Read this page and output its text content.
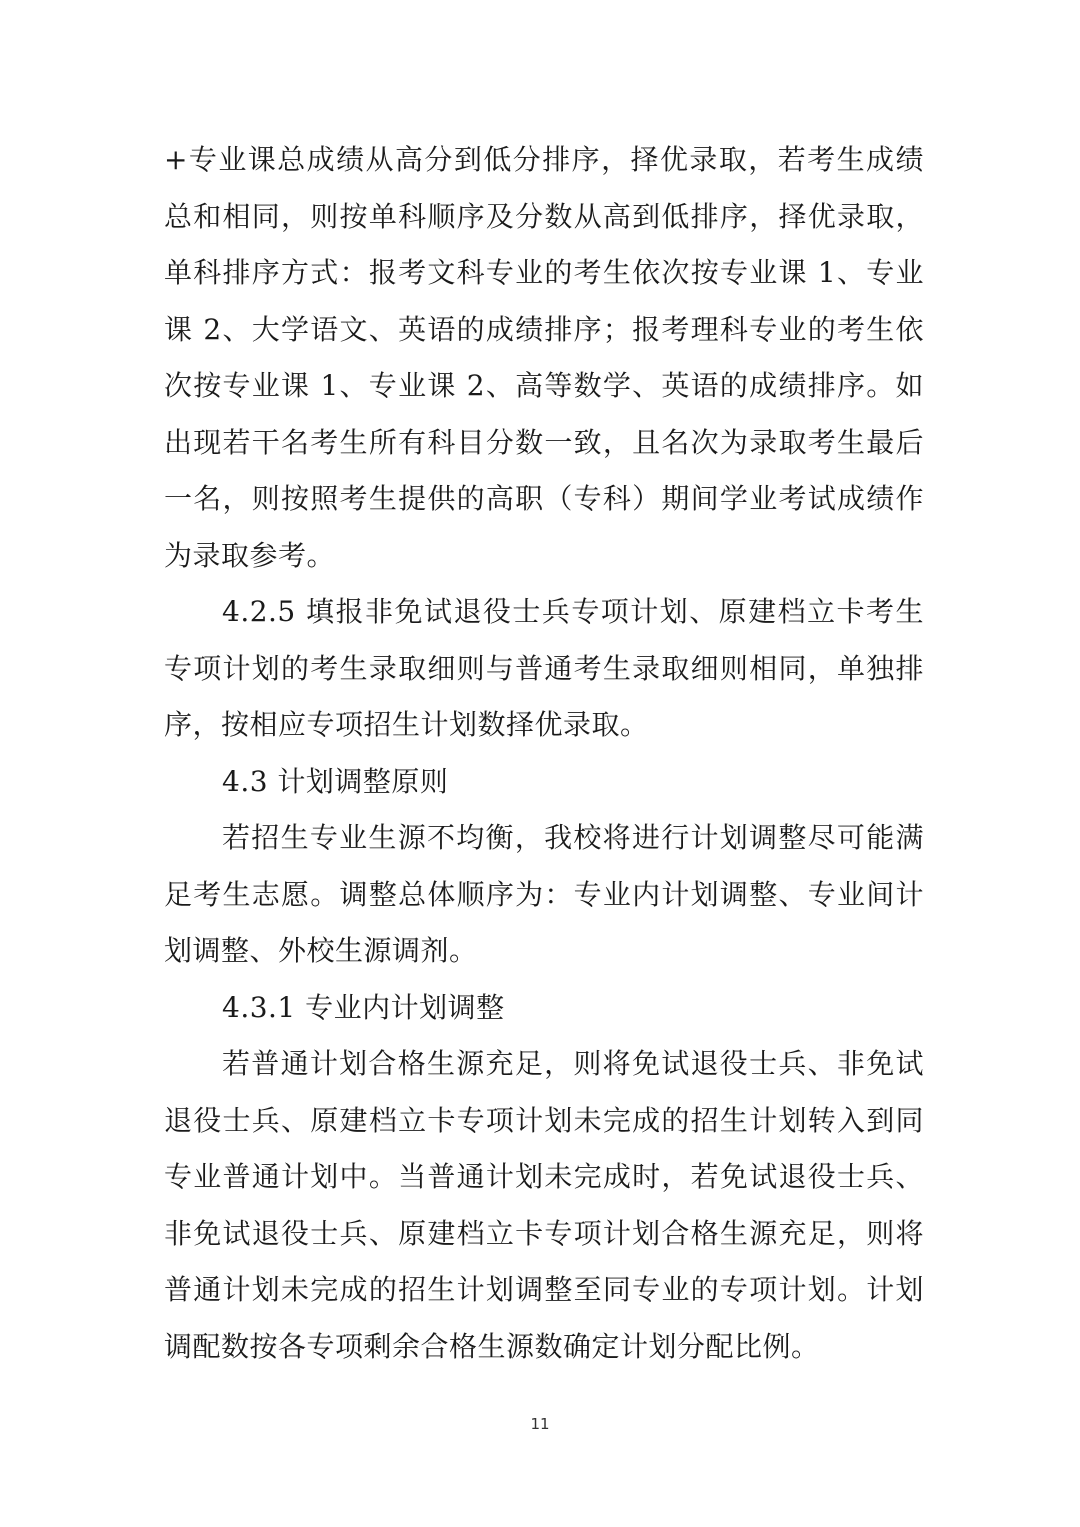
+专业课总成绩从高分到低分排序，择优录取，若考生成绩
总和相同，则按单科顺序及分数从高到低排序，择优录取，
单科排序方式：报考文科专业的考生依次按专业课 1、专业
课 2、大学语文、英语的成绩排序；报考理科专业的考生依
次按专业课 1、专业课 2、高等数学、英语的成绩排序。如
出现若干名考生所有科目分数一致，且名次为录取考生最后
一名，则按照考生提供的高职（专科）期间学业考试成绩作
为录取参考。
4.2.5 填报非免试退役士兵专项计划、原建档立卡考生
专项计划的考生录取细则与普通考生录取细则相同，单独排
序，按相应专项招生计划数择优录取。
4.3 计划调整原则
若招生专业生源不均衡，我校将进行计划调整尽可能满
足考生志愿。调整总体顺序为：专业内计划调整、专业间计
划调整、外校生源调剂。
4.3.1 专业内计划调整
若普通计划合格生源充足，则将免试退役士兵、非免试
退役士兵、原建档立卡专项计划未完成的招生计划转入到同
专业普通计划中。当普通计划未完成时，若免试退役士兵、
非免试退役士兵、原建档立卡专项计划合格生源充足，则将
普通计划未完成的招生计划调整至同专业的专项计划。计划
调配数按各专项剩余合格生源数确定计划分配比例。
11
